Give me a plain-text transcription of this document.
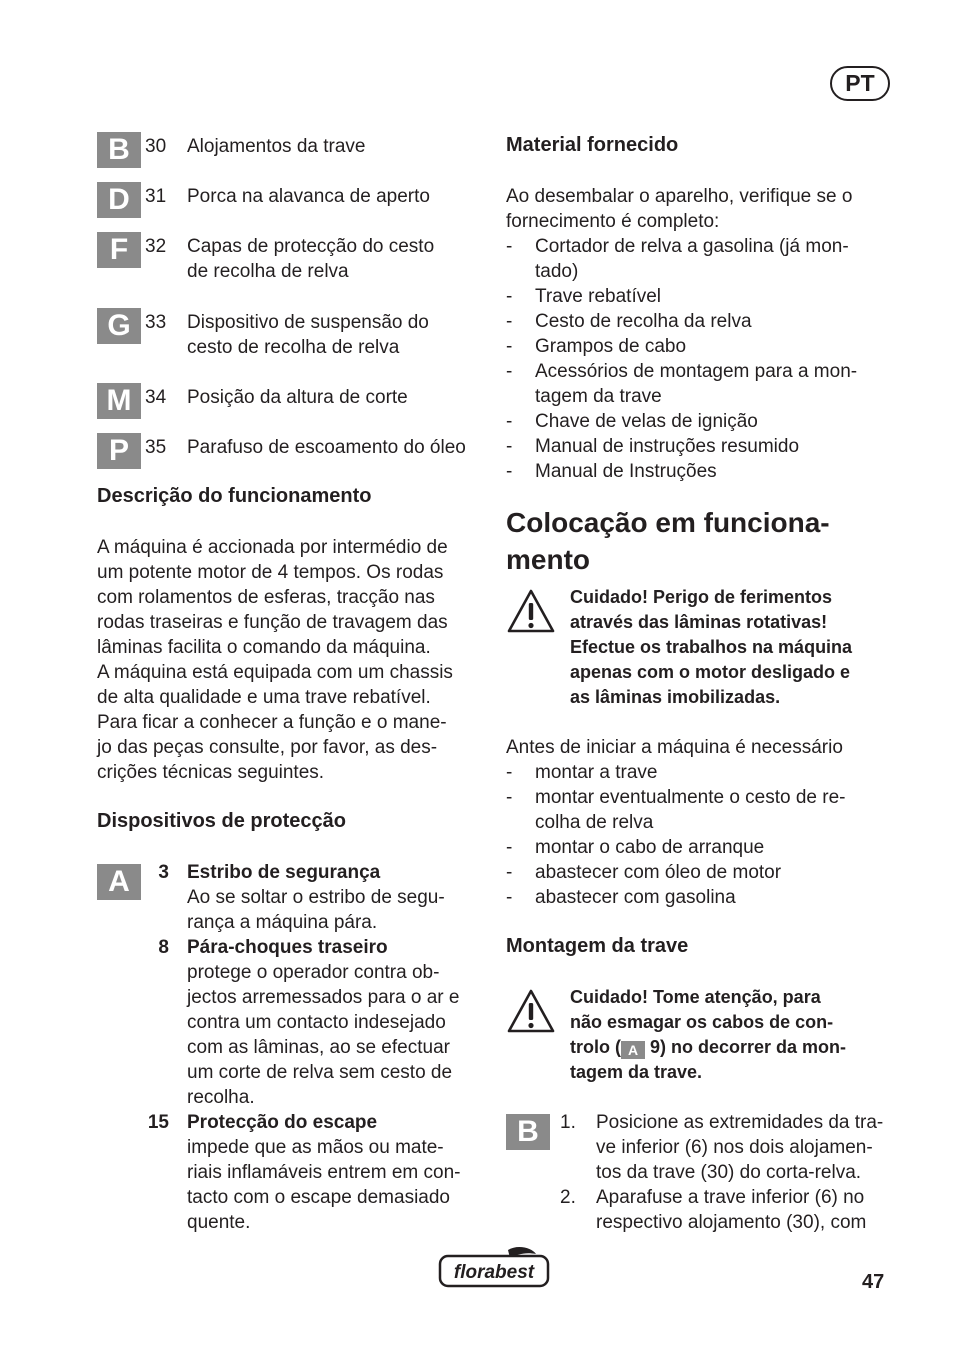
PT
B 30 Alojamentos da trave
D 31 Porca na alavanca de aperto
F 32 Capas de protecção do cesto
de recolha de relva
G 33 Dispositivo de suspensão do
cesto de recolha de relva
M 34 Posição da altura de corte
P 35 Parafuso de escoamento do óleo
Descrição do funcionamento
A máquina é accionada por intermédio de
um potente motor de 4 tempos. Os rodas
com rolamentos de esferas, tracção nas
rodas traseiras e função de travagem das
lâminas facilita o comando da máquina.
A máquina está equipada com um chassis
de alta qualidade e uma trave rebatível.
Para ficar a conhecer a função e o mane-
jo das peças consulte, por favor, as des-
crições técnicas seguintes.
Dispositivos de protecção
A	3 Estribo de segurança
Ao se soltar o estribo de segu-
rança a máquina pára.
8 Pára-choques traseiro
protege o operador contra ob-
jectos arremessados para o ar e
contra um contacto indesejado
com as lâminas, ao se efectuar
um corte de relva sem cesto de
recolha.
15 Protecção do escape
impede que as mãos ou mate-
riais inflamáveis entrem em con-
tacto com o escape demasiado
quente.
Material fornecido
Ao desembalar o aparelho, verifique se o
fornecimento é completo:
- Cortador de relva a gasolina (já mon-
tado)
- Trave rebatível
- Cesto de recolha da relva
- Grampos de cabo
- Acessórios de montagem para a mon-
tagem da trave
- Chave de velas de ignição
- Manual de instruções resumido
- Manual de Instruções
Colocação em funciona-
mento
Cuidado! Perigo de ferimentos
através das lâminas rotativas!
Efectue os trabalhos na máquina
apenas com o motor desligado e
as lâminas imobilizadas.
Antes de iniciar a máquina é necessário
- montar a trave
- montar eventualmente o cesto de re-
colha de relva
- montar o cabo de arranque
- abastecer com óleo de motor
- abastecer com gasolina
Montagem da trave
Cuidado! Tome atenção, para
não esmagar os cabos de con-
trolo ( A 9) no decorrer da mon-
tagem da trave.
B	1. Posicione as extremidades da tra-
ve inferior (6) nos dois alojamen-
tos da trave (30) do corta-relva.
2. Aparafuse a trave inferior (6) no
respectivo alojamento (30), com
florabest	47
